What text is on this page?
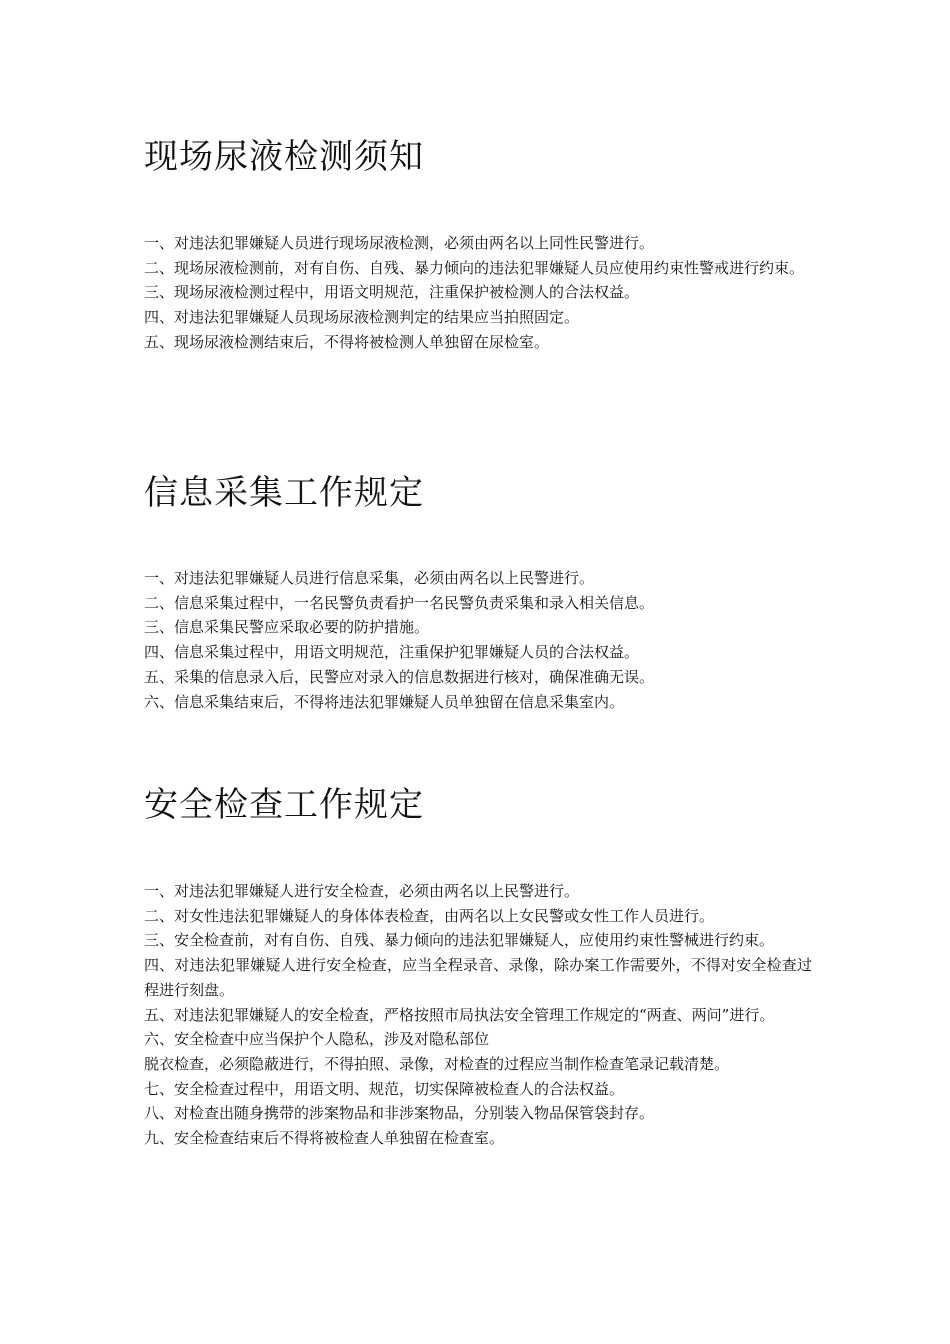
现场尿液检测须知
一、对违法犯罪嫌疑人员进行现场尿液检测，必须由两名以上同性民警进行。
二、现场尿液检测前，对有自伤、自残、暴力倾向的违法犯罪嫌疑人员应使用约束性警戒进行约束。
三、现场尿液检测过程中，用语文明规范，注重保护被检测人的合法权益。
四、对违法犯罪嫌疑人员现场尿液检测判定的结果应当拍照固定。
五、现场尿液检测结束后，不得将被检测人单独留在尿检室。
信息采集工作规定
一、对违法犯罪嫌疑人员进行信息采集，必须由两名以上民警进行。
二、信息采集过程中，一名民警负责看护一名民警负责采集和录入相关信息。
三、信息采集民警应采取必要的防护措施。
四、信息采集过程中，用语文明规范，注重保护犯罪嫌疑人员的合法权益。
五、采集的信息录入后，民警应对录入的信息数据进行核对，确保准确无误。
六、信息采集结束后，不得将违法犯罪嫌疑人员单独留在信息采集室内。
安全检查工作规定
一、对违法犯罪嫌疑人进行安全检查，必须由两名以上民警进行。
二、对女性违法犯罪嫌疑人的身体体表检查，由两名以上女民警或女性工作人员进行。
三、安全检查前，对有自伤、自残、暴力倾向的违法犯罪嫌疑人，应使用约束性警械进行约束。
四、对违法犯罪嫌疑人进行安全检查，应当全程录音、录像，除办案工作需要外，不得对安全检查过程进行刻盘。
五、对违法犯罪嫌疑人的安全检查，严格按照市局执法安全管理工作规定的“两查、两问”进行。
六、安全检查中应当保护个人隐私，涉及对隐私部位
脱衣检查，必须隐蔽进行，不得拍照、录像，对检查的过程应当制作检查笔录记载清楚。
七、安全检查过程中，用语文明、规范，切实保障被检查人的合法权益。
八、对检查出随身携带的涉案物品和非涉案物品，分别装入物品保管袋封存。
九、安全检查结束后不得将被检查人单独留在检查室。
